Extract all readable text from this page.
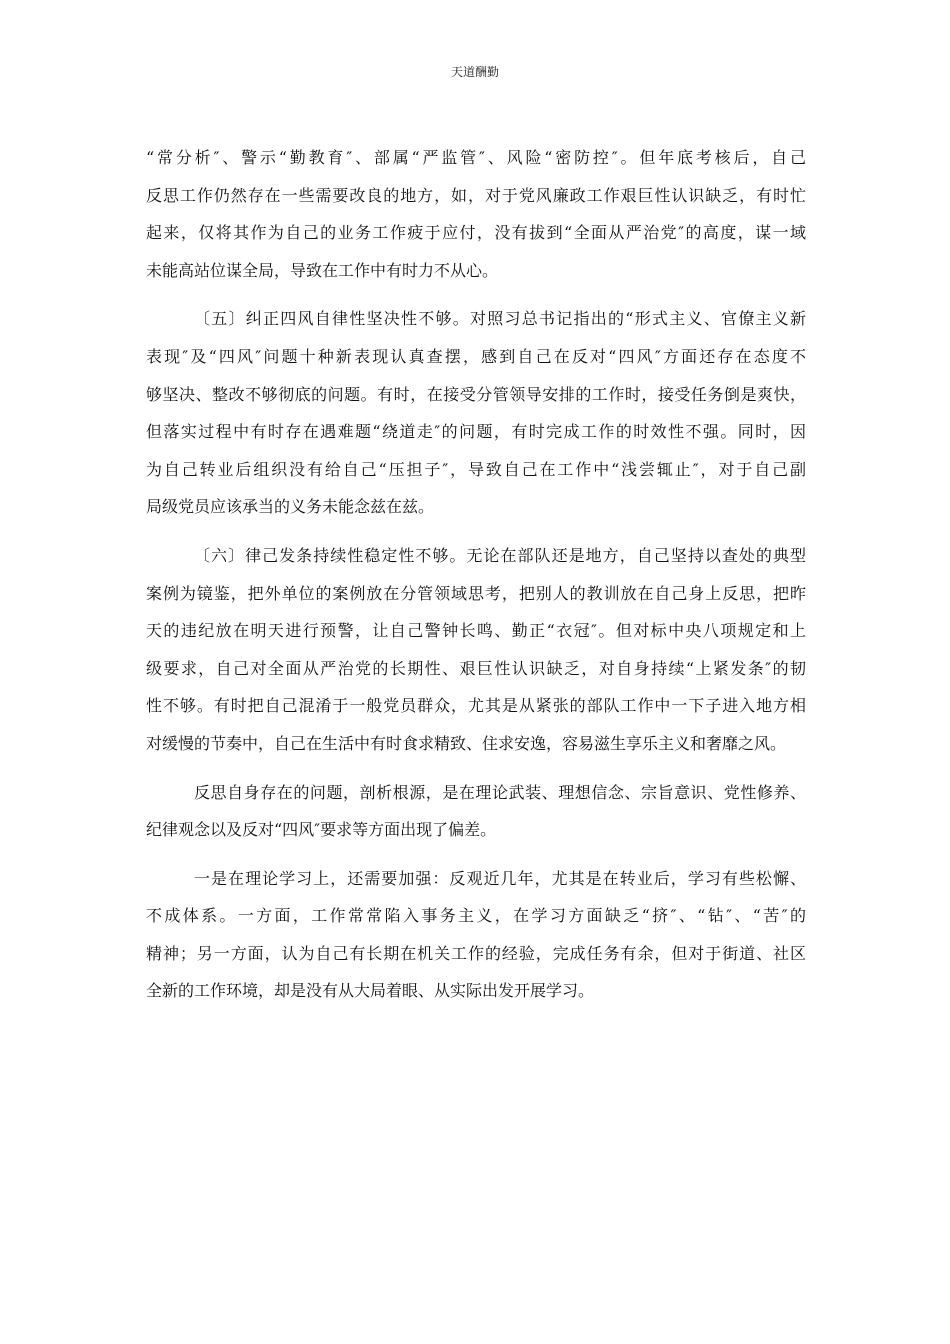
天道酬勤
“常分析″、警示“勤教育″、部属“严监管″、风险“密防控″。但年底考核后，自己
反思工作仍然存在一些需要改良的地方，如，对于党风廉政工作艰巨性认识缺乏，有时忙
起来，仅将其作为自己的业务工作疲于应付，没有拔到“全面从严治党″的高度，谋一域
未能高站位谋全局，导致在工作中有时力不从心。
〔五〕纠正四风自律性坚决性不够。对照习总书记指出的“形式主义、官僚主义新
表现″及“四风″问题十种新表现认真查摆，感到自己在反对“四风″方面还存在态度不
够坚决、整改不够彻底的问题。有时，在接受分管领导安排的工作时，接受任务倒是爽快，
但落实过程中有时存在遇难题“绕道走″的问题，有时完成工作的时效性不强。同时，因
为自己转业后组织没有给自己“压担子″，导致自己在工作中“浅尝辄止″，对于自己副
局级党员应该承当的义务未能念兹在兹。
〔六〕律己发条持续性稳定性不够。无论在部队还是地方，自己坚持以查处的典型
案例为镜鉴，把外单位的案例放在分管领域思考，把别人的教训放在自己身上反思，把昨
天的违纪放在明天进行预警，让自己警钟长鸣、勤正“衣冠″。但对标中央八项规定和上
级要求，自己对全面从严治党的长期性、艰巨性认识缺乏，对自身持续“上紧发条″的韧
性不够。有时把自己混淆于一般党员群众，尤其是从紧张的部队工作中一下子进入地方相
对缓慢的节奏中，自己在生活中有时食求精致、住求安逸，容易滋生享乐主义和奢靡之风。
反思自身存在的问题，剖析根源，是在理论武装、理想信念、宗旨意识、党性修养、
纪律观念以及反对“四风″要求等方面出现了偏差。
一是在理论学习上，还需要加强：反观近几年，尤其是在转业后，学习有些松懈、
不成体系。一方面，工作常常陷入事务主义，在学习方面缺乏“挤″、“钻″、“苦″的
精神；另一方面，认为自己有长期在机关工作的经验，完成任务有余，但对于街道、社区
全新的工作环境，却是没有从大局着眼、从实际出发开展学习。
